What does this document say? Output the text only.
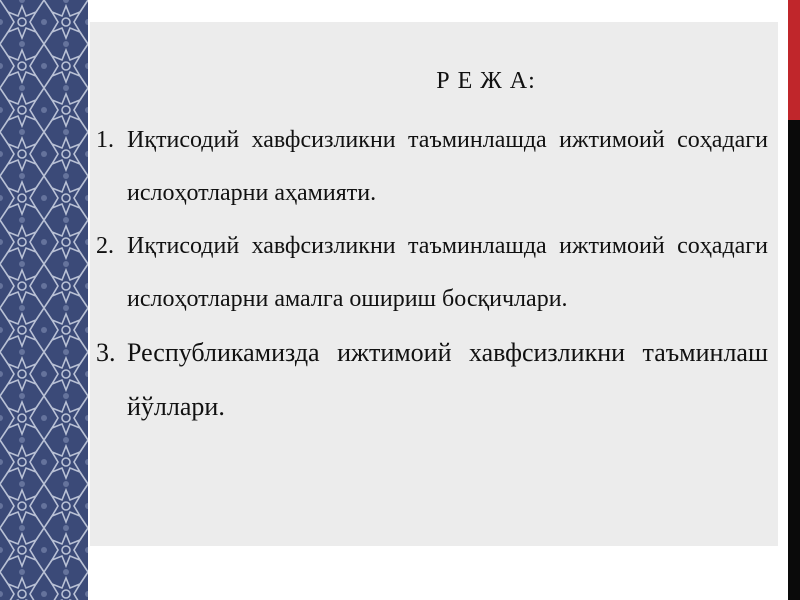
Р Е Ж А:
1. Иқтисодий хавфсизликни таъминлашда ижтимоий соҳадаги ислоҳотларни аҳамияти.
2. Иқтисодий хавфсизликни таъминлашда ижтимоий соҳадаги ислоҳотларни амалга ошириш босқичлари.
3. Республикамизда ижтимоий хавфсизликни таъминлаш йўллари.
